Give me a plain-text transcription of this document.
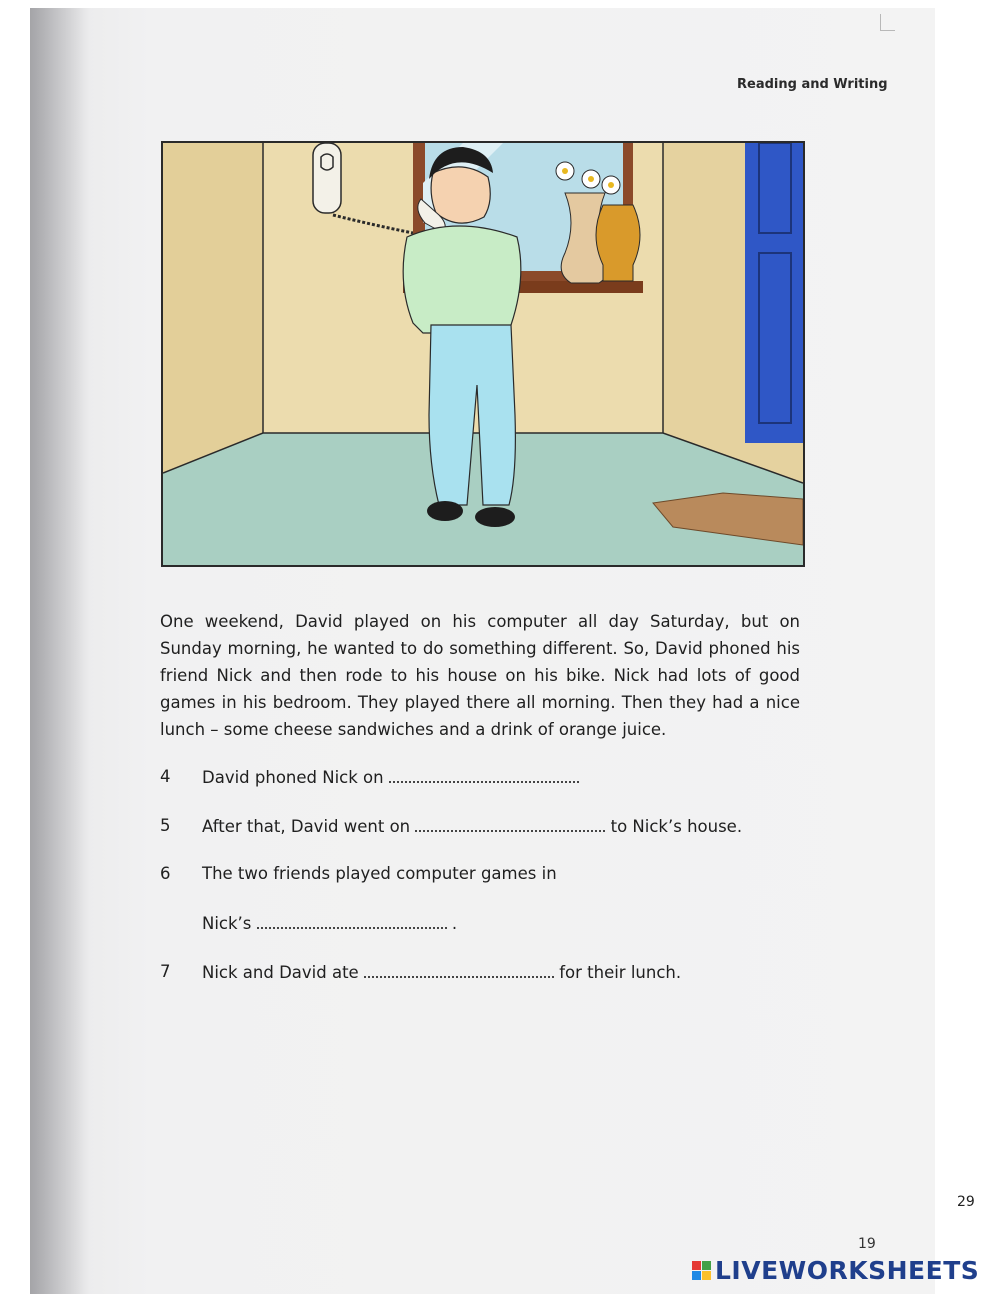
Reading and Writing
One weekend, David played on his computer all day Saturday, but on Sunday morning, he wanted to do something different. So, David phoned his friend Nick and then rode to his house on his bike. Nick had lots of good games in his bedroom. They played there all morning. Then they had a nice lunch – some cheese sandwiches and a drink of orange juice.
4 David phoned Nick on
5 After that, David went on	to Nick’s house.
6 The two friends played computer games in
Nick’s	.
7 Nick and David ate	for their lunch.
29
19
LIVEWORKSHEETS
